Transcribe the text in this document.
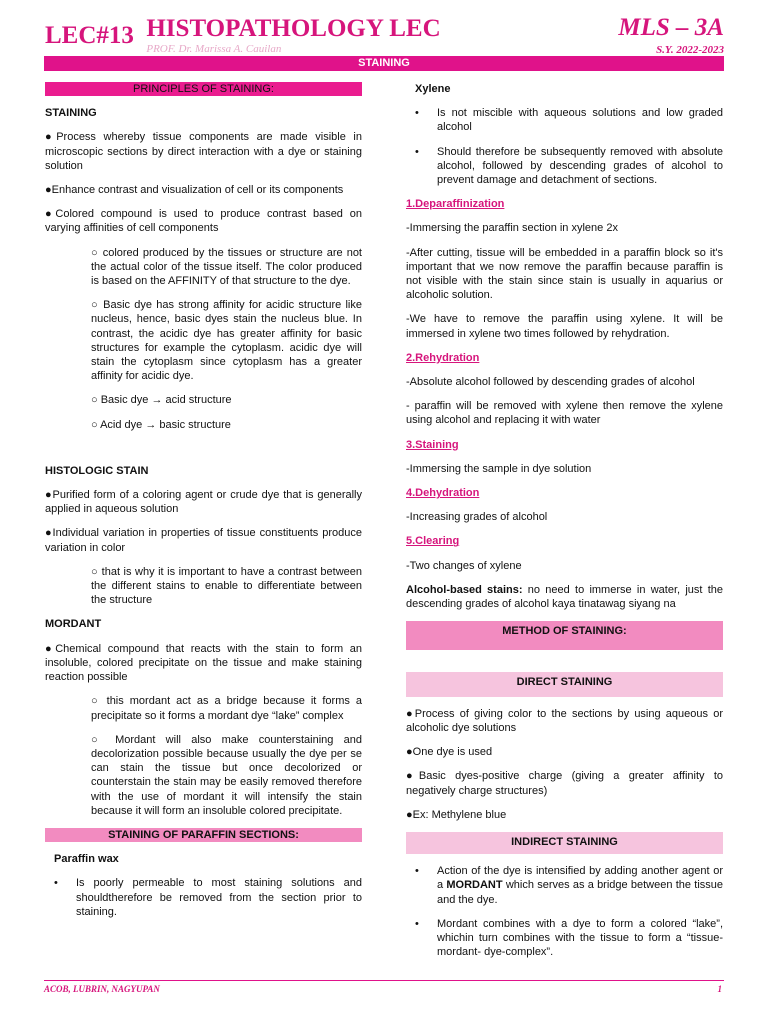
LEC#13 HISTOPATHOLOGY LEC
PROF. Dr. Marissa A. Cauilan
MLS – 3A
S.Y. 2022-2023
STAINING
PRINCIPLES OF STAINING:
STAINING

●Process whereby tissue components are made visible in microscopic sections by direct interaction with a dye or staining solution

●Enhance contrast and visualization of cell or its components

●Colored compound is used to produce contrast based on varying affinities of cell components

○ colored produced by the tissues or structure are not the actual color of the tissue itself. The color produced is based on the AFFINITY of that structure to the dye.

○ Basic dye has strong affinity for acidic structure like nucleus, hence, basic dyes stain the nucleus blue. In contrast, the acidic dye has greater affinity for basic structures for example the cytoplasm. acidic dye will stain the cytoplasm since cytoplasm has a greater affinity for acidic dye.

○ Basic dye → acid structure

○ Acid dye → basic structure

HISTOLOGIC STAIN

●Purified form of a coloring agent or crude dye that is generally applied in aqueous solution

●Individual variation in properties of tissue constituents produce variation in color

○ that is why it is important to have a contrast between the different stains to enable to differentiate between the structure

MORDANT

●Chemical compound that reacts with the stain to form an insoluble, colored precipitate on the tissue and make staining reaction possible

○ this mordant act as a bridge because it forms a precipitate so it forms a mordant dye “lake” complex

○ Mordant will also make counterstaining and decolorization possible because usually the dye per se can stain the tissue but once decolorized or counterstain the stain may be easily removed therefore with the use of mordant it will intensify the stain because it will form an insoluble colored precipitate.

STAINING OF PARAFFIN SECTIONS:
Paraffin wax
• Is poorly permeable to most staining solutions and shouldtherefore be removed from the section prior to staining.
Xylene
• Is not miscible with aqueous solutions and low graded alcohol
• Should therefore be subsequently removed with absolute alcohol, followed by descending grades of alcohol to prevent damage and detachment of sections.
1.Deparaffinization

-Immersing the paraffin section in xylene 2x

-After cutting, tissue will be embedded in a paraffin block so it's important that we now remove the paraffin because paraffin is not visible with the stain since stain is usually in aquarius or alcoholic solution.

-We have to remove the paraffin using xylene. It will be immersed in xylene two times followed by rehydration.

2.Rehydration

-Absolute alcohol followed by descending grades of alcohol

- paraffin will be removed with xylene then remove the xylene using alcohol and replacing it with water

3.Staining

-Immersing the sample in dye solution

4.Dehydration

-Increasing grades of alcohol

5.Clearing

-Two changes of xylene

Alcohol-based stains: no need to immerse in water, just the descending grades of alcohol kaya tinatawag siyang na

METHOD OF STAINING:
DIRECT STAINING

●Process of giving color to the sections by using aqueous or alcoholic dye solutions

●One dye is used

●Basic dyes-positive charge (giving a greater affinity to negatively charge structures)

●Ex: Methylene blue

INDIRECT STAINING
• Action of the dye is intensified by adding another agent or a MORDANT which serves as a bridge between the tissue and the dye.
• Mordant combines with a dye to form a colored “lake”, whichin turn combines with the tissue to form a “tissue-mordant- dye-complex”.
ACOB, LUBRIN, NAGYUPAN	1
